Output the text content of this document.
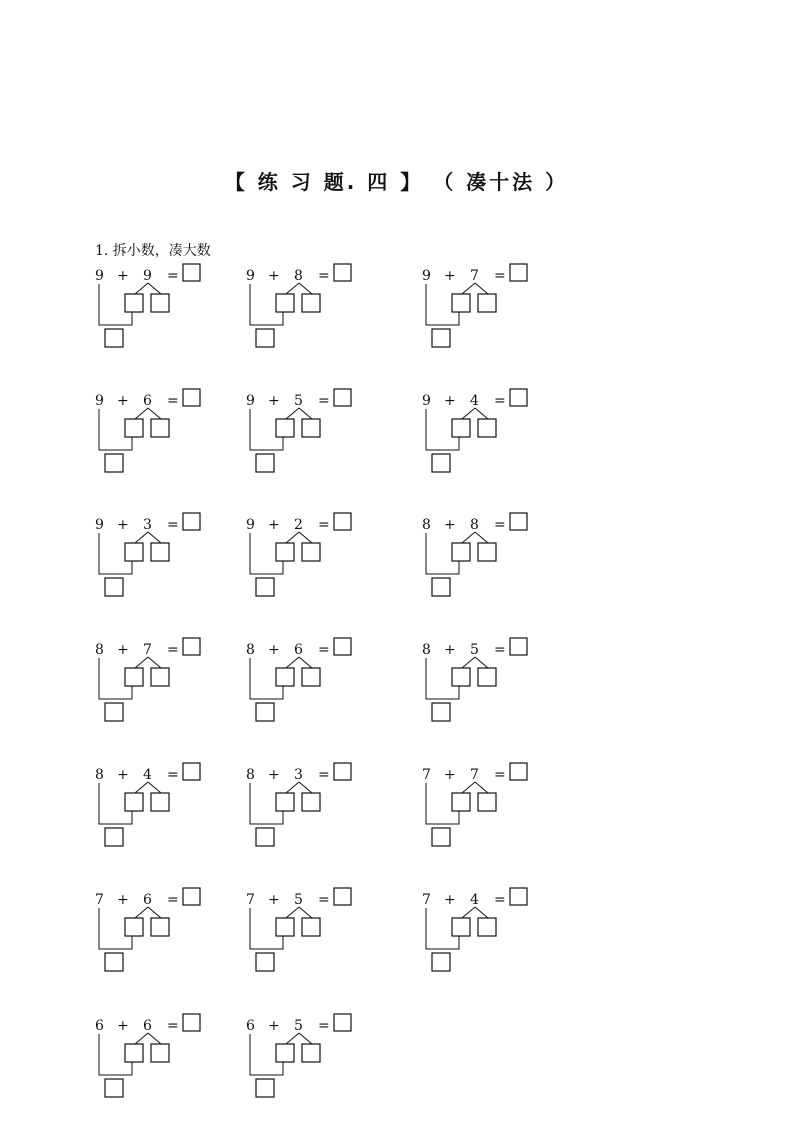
【 练 习 题. 四 】 （ 凑十法 ）
1. 拆小数，凑大数
9 + 9 =	9 + 8 =	9 + 7 =
9 + 6 =	9 + 5 =	9 + 4 =
9 + 3 =	9 + 2 =	8 + 8 =
8 + 7 =	8 + 6 =	8 + 5 =
8 + 4 =	8 + 3 =	7 + 7 =
7 + 6 =	7 + 5 =	7 + 4 =
6 + 6 =	6 + 5 =
